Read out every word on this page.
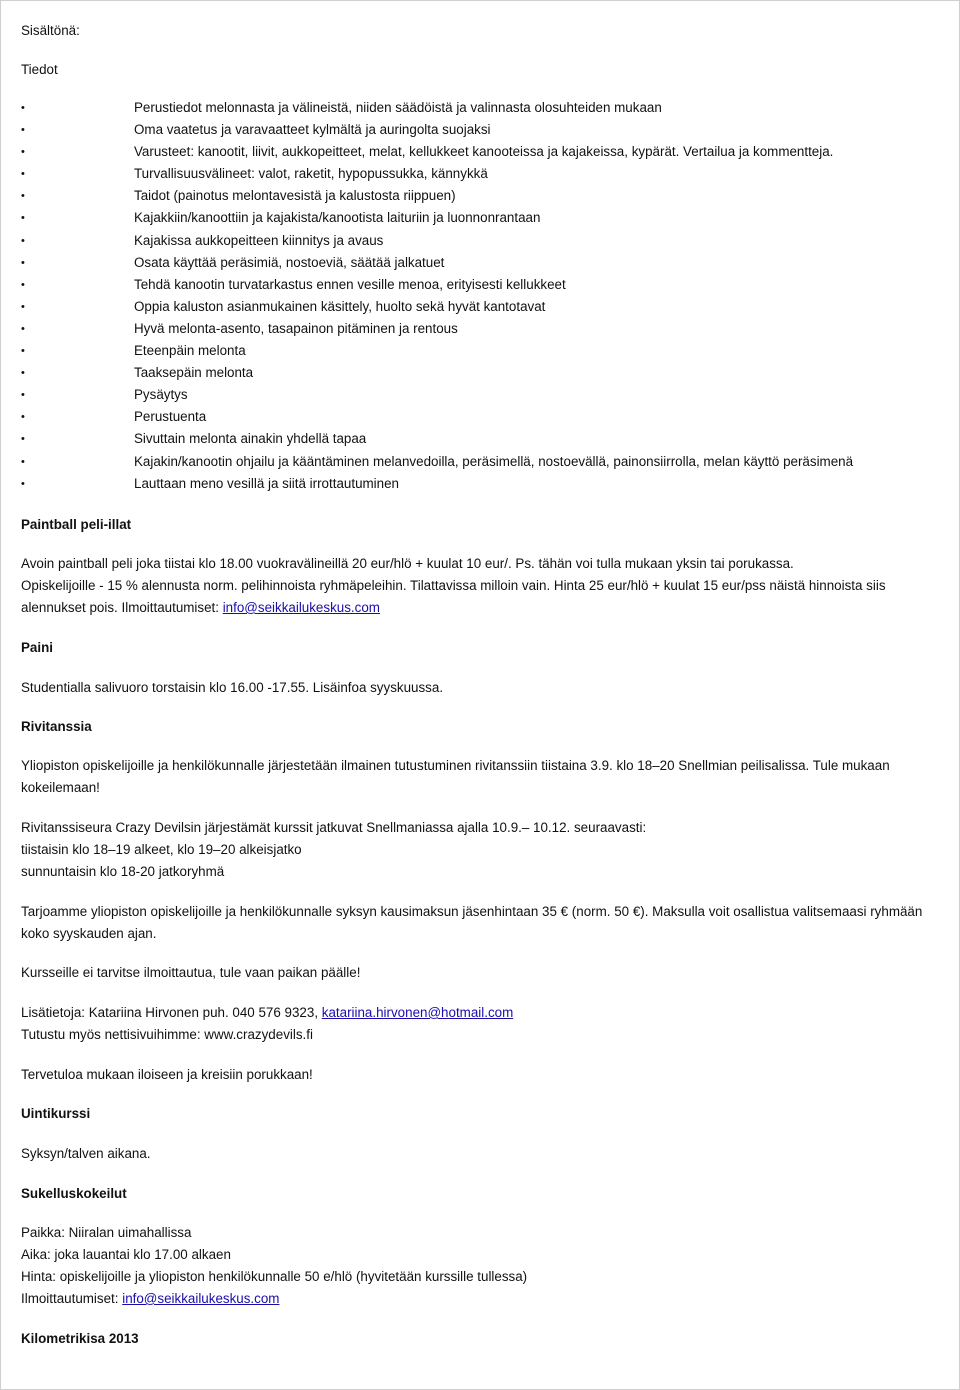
Sisältönä:
Tiedot
•	Perustiedot melonnasta ja välineistä, niiden säädöistä ja valinnasta olosuhteiden mukaan
•	Oma vaatetus ja varavaatteet kylmältä ja auringolta suojaksi
•	Varusteet: kanootit, liivit, aukkopeitteet, melat, kellukkeet kanooteissa ja kajakeissa, kypärät. Vertailua ja kommentteja.
•	Turvallisuusvälineet: valot, raketit, hypopussukka, kännykkä
•	Taidot (painotus melontavesistä ja kalustosta riippuen)
•	Kajakkiin/kanoottiin ja kajakista/kanootista laituriin ja luonnonrantaan
•	Kajakissa aukkopeitteen kiinnitys ja avaus
•	Osata käyttää peräsimiä, nostoeviä, säätää jalkatuet
•	Tehdä kanootin turvatarkastus ennen vesille menoa, erityisesti kellukkeet
•	Oppia kaluston asianmukainen käsittely, huolto sekä hyvät kantotavat
•	Hyvä melonta-asento, tasapainon pitäminen ja rentous
•	Eteenpäin melonta
•	Taaksepäin melonta
•	Pysäytys
•	Perustuenta
•	Sivuttain melonta ainakin yhdellä tapaa
•	Kajakin/kanootin ohjailu ja kääntäminen melanvedoilla, peräsimellä, nostoevällä, painonsiirrolla, melan käyttö peräsimenä
•	Lauttaan meno vesillä ja siitä irrottautuminen
Paintball peli-illat
Avoin paintball peli joka tiistai klo 18.00 vuokravälineillä 20 eur/hlö + kuulat 10 eur/. Ps. tähän voi tulla mukaan yksin tai porukassa.
Opiskelijoille - 15 % alennusta norm. pelihinnoista ryhmäpeleihin. Tilattavissa milloin vain. Hinta 25 eur/hlö + kuulat 15 eur/pss näistä hinnoista siis alennukset pois. Ilmoittautumiset: info@seikkailukeskus.com
Paini
Studentialla salivuoro torstaisin klo 16.00 -17.55. Lisäinfoa syyskuussa.
Rivitanssia
Yliopiston opiskelijoille ja henkilökunnalle järjestetään ilmainen tutustuminen rivitanssiin tiistaina 3.9. klo 18–20 Snellmian peilisalissa. Tule mukaan kokeilemaan!
Rivitanssiseura Crazy Devilsin järjestämät kurssit jatkuvat Snellmaniassa ajalla 10.9.– 10.12. seuraavasti:
tiistaisin klo 18–19 alkeet, klo 19–20 alkeisjatko
sunnuntaisin klo 18-20 jatkoryhmä
Tarjoamme yliopiston opiskelijoille ja henkilökunnalle syksyn kausimaksun jäsenhintaan 35 € (norm. 50 €). Maksulla voit osallistua valitsemaasi ryhmään koko syyskauden ajan.
Kursseille ei tarvitse ilmoittautua, tule vaan paikan päälle!
Lisätietoja: Katariina Hirvonen puh. 040 576 9323, katariina.hirvonen@hotmail.com
Tutustu myös nettisivuihimme: www.crazydevils.fi
Tervetuloa mukaan iloiseen ja kreisiin porukkaan!
Uintikurssi
Syksyn/talven aikana.
Sukelluskokeilut
Paikka: Niiralan uimahallissa
Aika: joka lauantai klo 17.00 alkaen
Hinta: opiskelijoille ja yliopiston henkilökunnalle 50 e/hlö (hyvitetään kurssille tullessa)
Ilmoittautumiset: info@seikkailukeskus.com
Kilometrikisa 2013
